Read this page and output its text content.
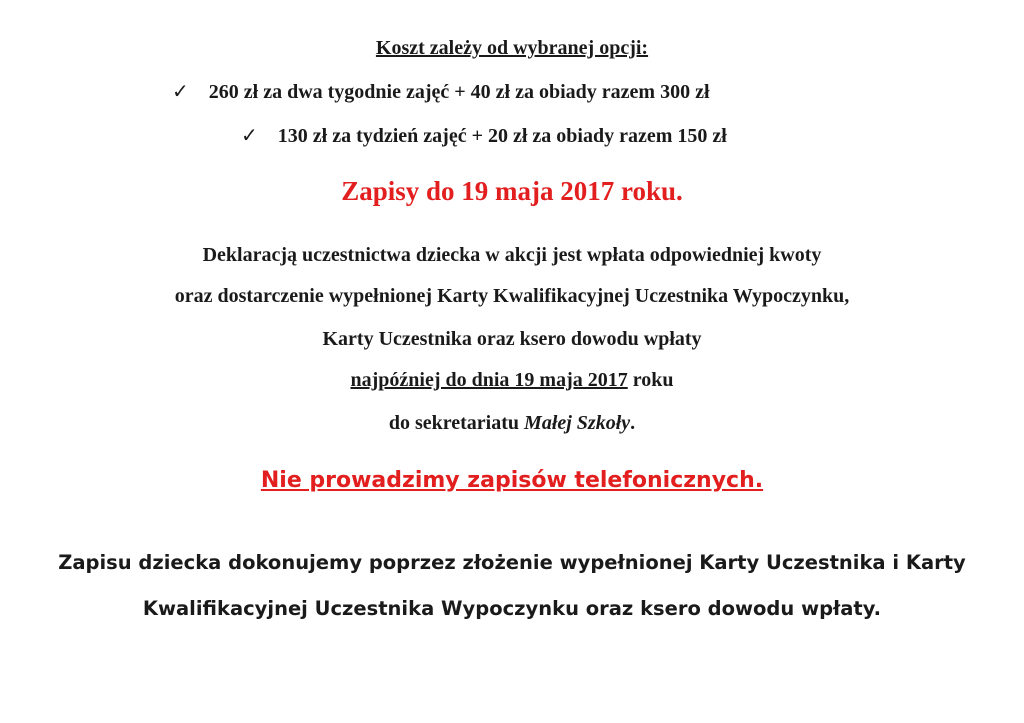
Koszt zależy od wybranej opcji:
✓ 260 zł za dwa tygodnie zajęć + 40 zł za obiady razem 300 zł
✓ 130 zł za tydzień zajęć + 20 zł za obiady razem 150 zł
Zapisy do 19 maja 2017 roku.
Deklaracją uczestnictwa dziecka w akcji jest wpłata odpowiedniej kwoty
oraz dostarczenie wypełnionej Karty Kwalifikacyjnej Uczestnika Wypoczynku,
Karty Uczestnika oraz ksero dowodu wpłaty
najpóźniej do dnia 19 maja 2017 roku
do sekretariatu Małej Szkoły.
Nie prowadzimy zapisów telefonicznych.
Zapisu dziecka dokonujemy poprzez złożenie wypełnionej Karty Uczestnika i Karty
Kwalifikacyjnej Uczestnika Wypoczynku oraz ksero dowodu wpłaty.
